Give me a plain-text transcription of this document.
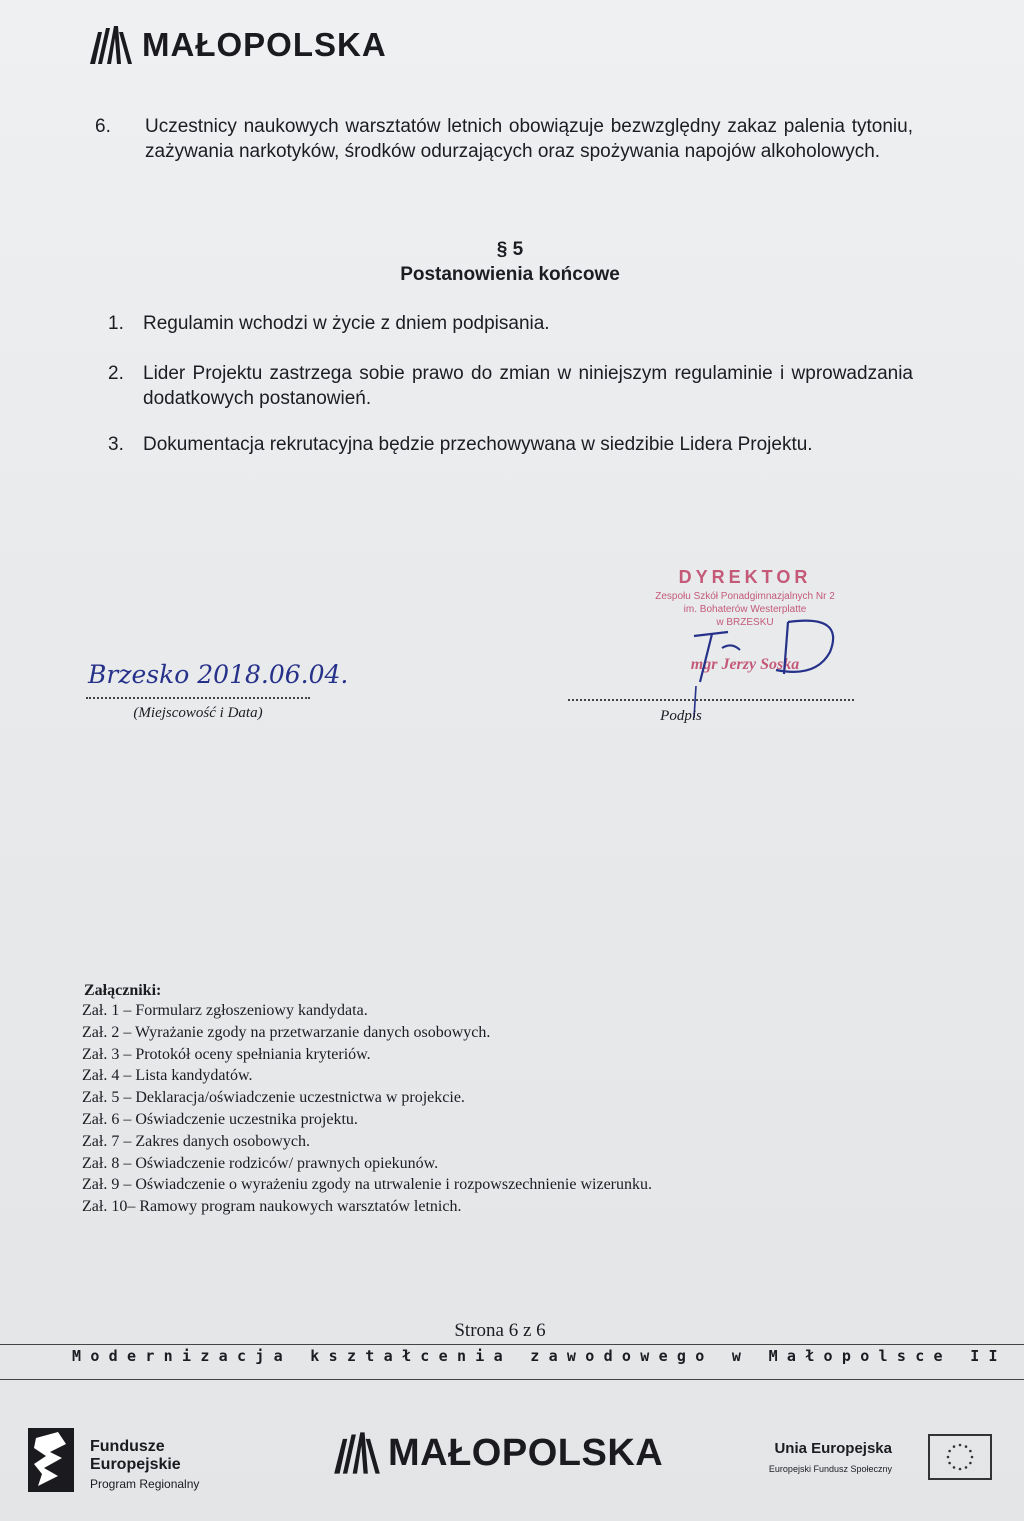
MAŁOPOLSKA
6. Uczestnicy naukowych warsztatów letnich obowiązuje bezwzględny zakaz palenia tytoniu, zażywania narkotyków, środków odurzających oraz spożywania napojów alkoholowych.
§ 5
Postanowienia końcowe
1. Regulamin wchodzi w życie z dniem podpisania.
2. Lider Projektu zastrzega sobie prawo do zmian w niniejszym regulaminie i wprowadzania dodatkowych postanowień.
3. Dokumentacja rekrutacyjna będzie przechowywana w siedzibie Lidera Projektu.
Brzesko 2018.06.04.
(Miejscowość i Data)
DYREKTOR
Zespołu Szkół Ponadgimnazjalnych Nr 2
im. Bohaterów Westerplatte
w BRZESKU
mgr Jerzy Soska
Podpis
Załączniki:
Zał. 1 – Formularz zgłoszeniowy kandydata.
Zał. 2 – Wyrażanie zgody na przetwarzanie danych osobowych.
Zał. 3 – Protokół oceny spełniania kryteriów.
Zał. 4 – Lista kandydatów.
Zał. 5 – Deklaracja/oświadczenie uczestnictwa w projekcie.
Zał. 6 – Oświadczenie uczestnika projektu.
Zał. 7 – Zakres danych osobowych.
Zał. 8 – Oświadczenie rodziców/ prawnych opiekunów.
Zał. 9 – Oświadczenie o wyrażeniu zgody na utrwalenie i rozpowszechnienie wizerunku.
Zał. 10– Ramowy program naukowych warsztatów letnich.
Strona 6 z 6
Modernizacja kształcenia zawodowego w Małopolsce II
Fundusze
Europejskie
Program Regionalny
MAŁOPOLSKA	Unia Europejska
Europejski Fundusz Społeczny
